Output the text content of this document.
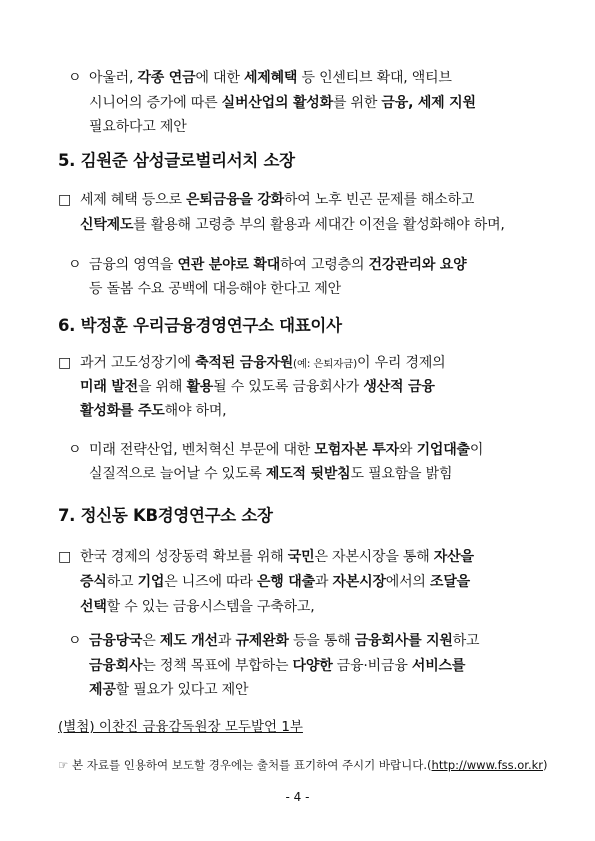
ㅇ 아울러, 각종 연금에 대한 세제혜택 등 인센티브 확대, 액티브
시니어의 증가에 따른 실버산업의 활성화를 위한 금융, 세제 지원
필요하다고 제안
5. 김원준 삼성글로벌리서치 소장
□ 세제 혜택 등으로 은퇴금융을 강화하여 노후 빈곤 문제를 해소하고
신탁제도를 활용해 고령층 부의 활용과 세대간 이전을 활성화해야 하며,
ㅇ 금융의 영역을 연관 분야로 확대하여 고령층의 건강관리와 요양
등 돌봄 수요 공백에 대응해야 한다고 제안
6. 박정훈 우리금융경영연구소 대표이사
□ 과거 고도성장기에 축적된 금융자원(예: 은퇴자금)이 우리 경제의
미래 발전을 위해 활용될 수 있도록 금융회사가 생산적 금융
활성화를 주도해야 하며,
ㅇ 미래 전략산업, 벤처혁신 부문에 대한 모험자본 투자와 기업대출이
실질적으로 늘어날 수 있도록 제도적 뒷받침도 필요함을 밝힘
7. 정신동 KB경영연구소 소장
□ 한국 경제의 성장동력 확보를 위해 국민은 자본시장을 통해 자산을
증식하고 기업은 니즈에 따라 은행 대출과 자본시장에서의 조달을
선택할 수 있는 금융시스템을 구축하고,
ㅇ 금융당국은 제도 개선과 규제완화 등을 통해 금융회사를 지원하고
금융회사는 정책 목표에 부합하는 다양한 금융·비금융 서비스를
제공할 필요가 있다고 제안
(별첨) 이찬진 금융감독원장 모두발언 1부
☞ 본 자료를 인용하여 보도할 경우에는 출처를 표기하여 주시기 바랍니다.(http://www.fss.or.kr)
- 4 -
